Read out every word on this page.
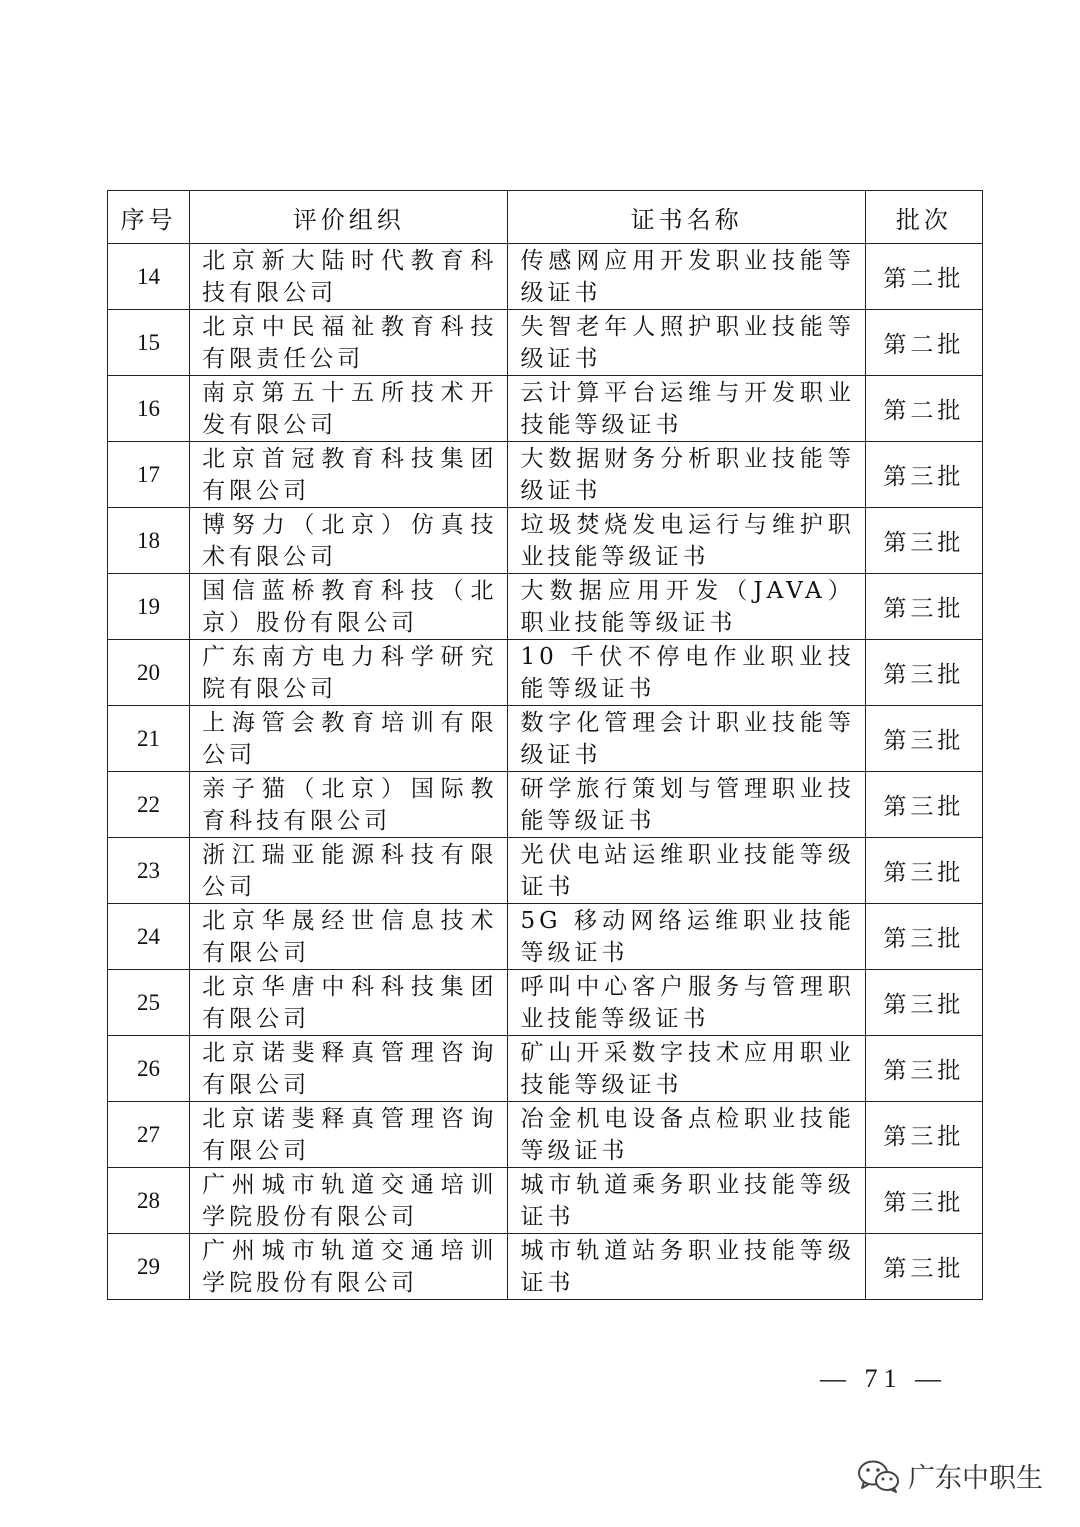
序号	评价组织	证书名称	批次
14	北京新大陆时代教育科技有限公司	传感网应用开发职业技能等级证书	第二批
15	北京中民福祉教育科技有限责任公司	失智老年人照护职业技能等级证书	第二批
16	南京第五十五所技术开发有限公司	云计算平台运维与开发职业技能等级证书	第二批
17	北京首冠教育科技集团有限公司	大数据财务分析职业技能等级证书	第三批
18	博努力（北京）仿真技术有限公司	垃圾焚烧发电运行与维护职业技能等级证书	第三批
19	国信蓝桥教育科技（北京）股份有限公司	大数据应用开发（JAVA）职业技能等级证书	第三批
20	广东南方电力科学研究院有限公司	10 千伏不停电作业职业技能等级证书	第三批
21	上海管会教育培训有限公司	数字化管理会计职业技能等级证书	第三批
22	亲子猫（北京）国际教育科技有限公司	研学旅行策划与管理职业技能等级证书	第三批
23	浙江瑞亚能源科技有限公司	光伏电站运维职业技能等级证书	第三批
24	北京华晟经世信息技术有限公司	5G 移动网络运维职业技能等级证书	第三批
25	北京华唐中科科技集团有限公司	呼叫中心客户服务与管理职业技能等级证书	第三批
26	北京诺斐释真管理咨询有限公司	矿山开采数字技术应用职业技能等级证书	第三批
27	北京诺斐释真管理咨询有限公司	冶金机电设备点检职业技能等级证书	第三批
28	广州城市轨道交通培训学院股份有限公司	城市轨道乘务职业技能等级证书	第三批
29	广州城市轨道交通培训学院股份有限公司	城市轨道站务职业技能等级证书	第三批
— 71 —
广东中职生
